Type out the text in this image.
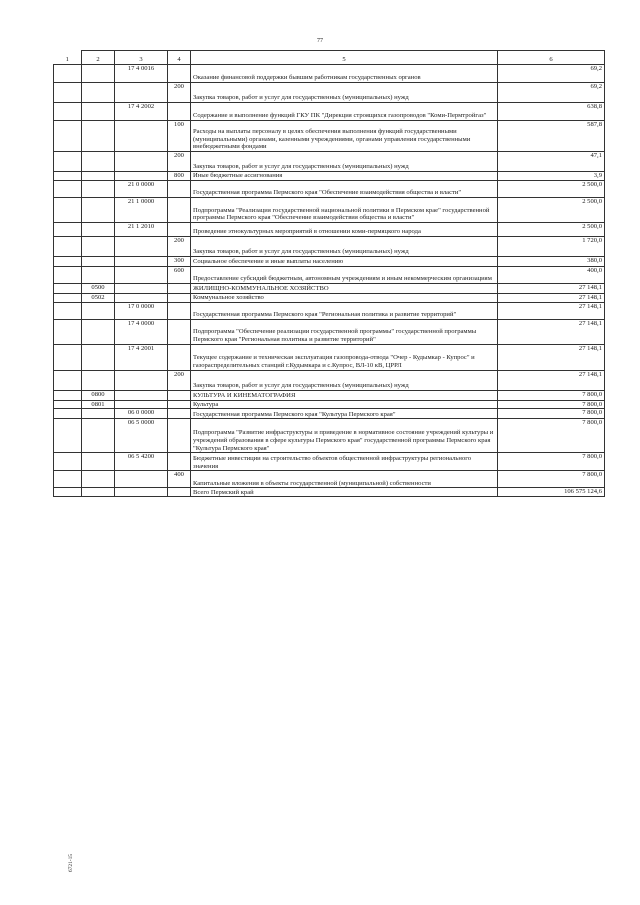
77
1	2	3	4	5	6
		17 4 0016		Оказание финансовой поддержки бывшим работникам государственных органов	69,2
			200	Закупка товаров, работ и услуг для государственных (муниципальных) нужд	69,2
		17 4 2002		Содержание и выполнение функций ГКУ ПК "Дирекция строящихся газопроводов "Коми-Пермтройгаз"	638,8
			100	Расходы на выплаты персоналу в целях обеспечения выполнения функций государственными (муниципальными) органами, казенными учреждениями, органами управления государственными внебюджетными фондами	587,8
			200	Закупка товаров, работ и услуг для государственных (муниципальных) нужд	47,1
			800	Иные бюджетные ассигнования	3,9
		21 0 0000		Государственная программа Пермского края "Обеспечение взаимодействия общества и власти"	2 500,0
		21 1 0000		Подпрограмма "Реализация государственной национальной политики в Пермском крае" государственной программы Пермского края "Обеспечение взаимодействия общества и власти"	2 500,0
		21 1 2010		Проведение этнокультурных мероприятий в отношении коми-пермяцкого народа	2 500,0
			200	Закупка товаров, работ и услуг для государственных (муниципальных) нужд	1 720,0
			300	Социальное обеспечение и иные выплаты населению	380,0
			600	Предоставление субсидий бюджетным, автономным учреждениям и иным некоммерческим организациям	400,0
	0500			ЖИЛИЩНО-КОММУНАЛЬНОЕ ХОЗЯЙСТВО	27 148,1
	0502			Коммунальное хозяйство	27 148,1
		17 0 0000		Государственная программа Пермского края "Региональная политика и развитие территорий"	27 148,1
		17 4 0000		Подпрограмма "Обеспечение реализации государственной программы" государственной программы Пермского края "Региональная политика и развитие территорий"	27 148,1
		17 4 2001		Текущее содержание и техническая эксплуатация газопровода-отвода "Очер - Кудымкар - Купрос" и газораспределительных станций г.Кудымкара и с.Купрос, ВЛ-10 кВ, ЦРРЛ	27 148,1
			200	Закупка товаров, работ и услуг для государственных (муниципальных) нужд	27 148,1
	0800			КУЛЬТУРА И КИНЕМАТОГРАФИЯ	7 800,0
	0801			Культура	7 800,0
		06 0 0000		Государственная программа Пермского края "Культура Пермского края"	7 800,0
		06 5 0000		Подпрограмма "Развитие инфраструктуры и приведение в нормативное состояние учреждений культуры и учреждений образования в сфере культуры Пермского края" государственной программы Пермского края "Культура Пермского края"	7 800,0
		06 5 4200		Бюджетные инвестиции на строительство объектов общественной инфраструктуры регионального значения	7 800,0
			400	Капитальные вложения в объекты государственной (муниципальной) собственности	7 800,0
				Всего Пермский край	106 575 124,6
6721-15
